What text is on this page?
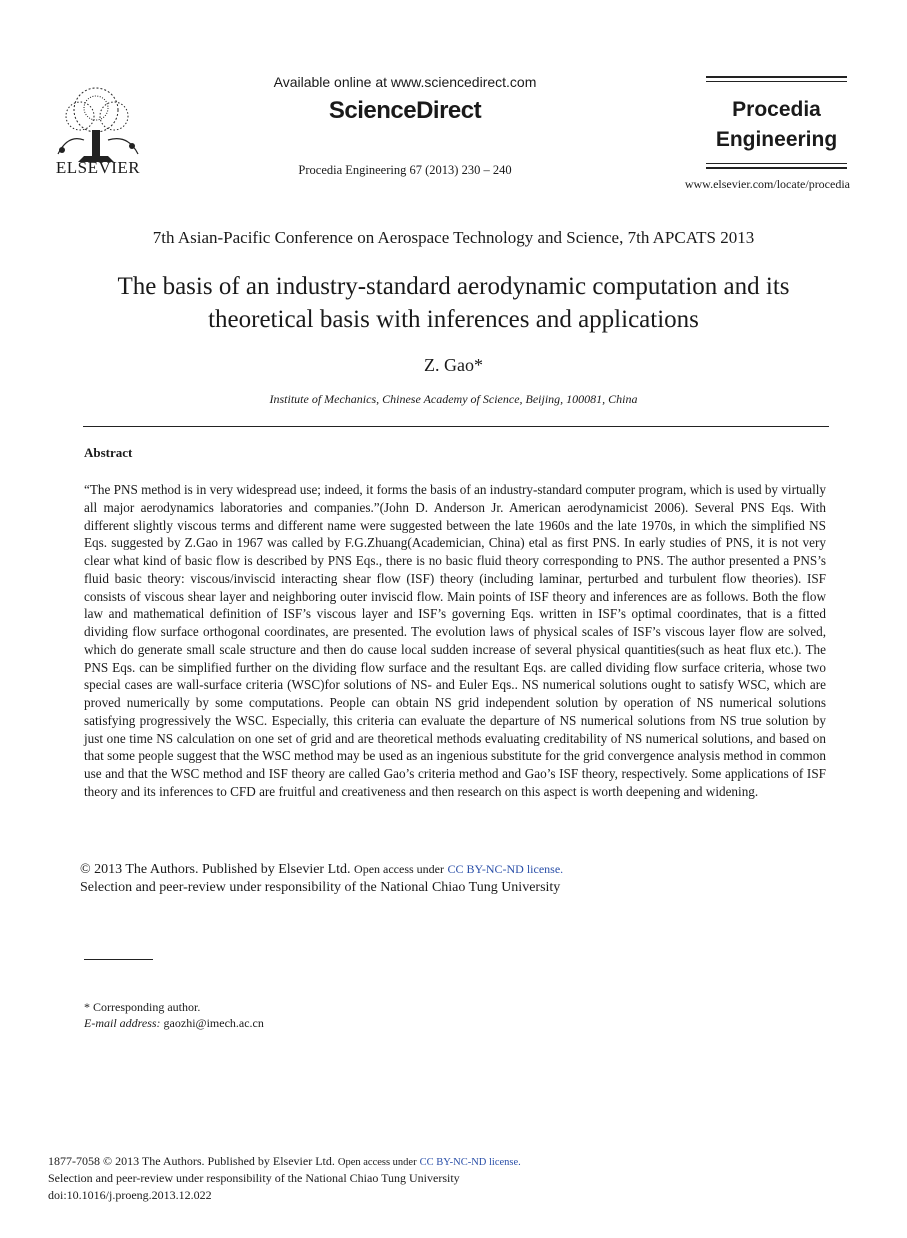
ELSEVIER
Available online at www.sciencedirect.com
ScienceDirect
Procedia Engineering 67 (2013) 230 – 240
Procedia Engineering
www.elsevier.com/locate/procedia
7th Asian-Pacific Conference on Aerospace Technology and Science, 7th APCATS 2013
The basis of an industry-standard aerodynamic computation and its
theoretical basis with inferences and applications
Z. Gao*
Institute of Mechanics, Chinese Academy of Science, Beijing, 100081, China
Abstract
“The PNS method is in very widespread use; indeed, it forms the basis of an industry-standard computer program, which is used by virtually all major aerodynamics laboratories and companies.”(John D. Anderson Jr. American aerodynamicist 2006). Several PNS Eqs. With different slightly viscous terms and different name were suggested between the late 1960s and the late 1970s, in which the simplified NS Eqs. suggested by Z.Gao in 1967 was called by F.G.Zhuang(Academician, China) etal as first PNS. In early studies of PNS, it is not very clear what kind of basic flow is described by PNS Eqs., there is no basic fluid theory corresponding to PNS. The author presented a PNS’s fluid basic theory: viscous/inviscid interacting shear flow (ISF) theory (including laminar, perturbed and turbulent flow theories). ISF consists of viscous shear layer and neighboring outer inviscid flow. Main points of ISF theory and inferences are as follows. Both the flow law and mathematical definition of ISF’s viscous layer and ISF’s governing Eqs. written in ISF’s optimal coordinates, that is a fitted dividing flow surface orthogonal coordinates, are presented. The evolution laws of physical scales of ISF’s viscous layer flow are solved, which do generate small scale structure and then do cause local sudden increase of several physical quantities(such as heat flux etc.). The PNS Eqs. can be simplified further on the dividing flow surface and the resultant Eqs. are called dividing flow surface criteria, whose two special cases are wall-surface criteria (WSC)for solutions of NS- and Euler Eqs.. NS numerical solutions ought to satisfy WSC, which are proved numerically by some computations. People can obtain NS grid independent solution by operation of NS numerical solutions satisfying progressively the WSC. Especially, this criteria can evaluate the departure of NS numerical solutions from NS true solution by just one time NS calculation on one set of grid and are theoretical methods evaluating creditability of NS numerical solutions, and based on that some people suggest that the WSC method may be used as an ingenious substitute for the grid convergence analysis method in common use and that the WSC method and ISF theory are called Gao’s criteria method and Gao’s ISF theory, respectively. Some applications of ISF theory and its inferences to CFD are fruitful and creativeness and then research on this aspect is worth deepening and widening.
© 2013 The Authors. Published by Elsevier Ltd. Open access under CC BY-NC-ND license.
Selection and peer-review under responsibility of the National Chiao Tung University
* Corresponding author.
E-mail address: gaozhi@imech.ac.cn
1877-7058 © 2013 The Authors. Published by Elsevier Ltd. Open access under CC BY-NC-ND license.
Selection and peer-review under responsibility of the National Chiao Tung University
doi:10.1016/j.proeng.2013.12.022
